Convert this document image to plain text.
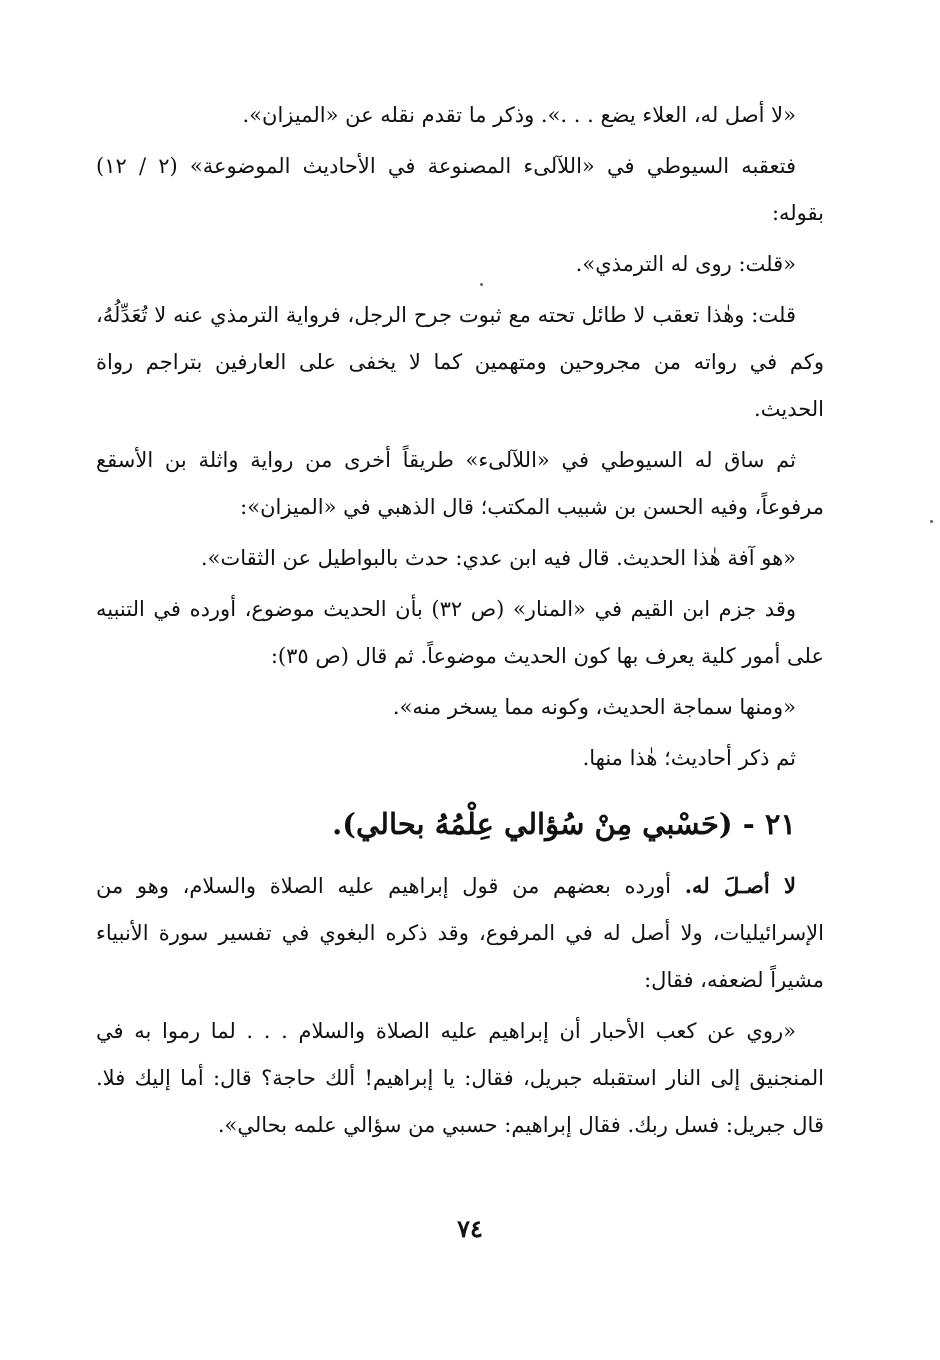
«لا أصل له، العلاء يضع . . .». وذكر ما تقدم نقله عن «الميزان».

فتعقبه السيوطي في «اللآلىء المصنوعة في الأحاديث الموضوعة» (٢ / ١٢) بقوله:

«قلت: روى له الترمذي».

قلت: وهٰذا تعقب لا طائل تحته مع ثبوت جرح الرجل، فرواية الترمذي عنه لا تُعَدِّلُهُ، وكم في رواته من مجروحين ومتهمين كما لا يخفى على العارفين بتراجم رواة الحديث.

ثم ساق له السيوطي في «اللآلىء» طريقاً أخرى من رواية واثلة بن الأسقع مرفوعاً، وفيه الحسن بن شبيب المكتب؛ قال الذهبي في «الميزان»:

«هو آفة هٰذا الحديث. قال فيه ابن عدي: حدث بالبواطيل عن الثقات».

وقد جزم ابن القيم في «المنار» (ص ٣٢) بأن الحديث موضوع، أورده في التنبيه على أمور كلية يعرف بها كون الحديث موضوعاً. ثم قال (ص ٣٥):

«ومنها سماجة الحديث، وكونه مما يسخر منه».

ثم ذكر أحاديث؛ هٰذا منها.

٢١ - (حَسْبي مِنْ سُؤالي عِلْمُهُ بحالي).

لا أصـلَ له. أورده بعضهم من قول إبراهيم عليه الصلاة والسلام، وهو من الإسرائيليات، ولا أصل له في المرفوع، وقد ذكره البغوي في تفسير سورة الأنبياء مشيراً لضعفه، فقال:

«روي عن كعب الأحبار أن إبراهيم عليه الصلاة والسلام . . . لما رموا به في المنجنيق إلى النار استقبله جبريل، فقال: يا إبراهيم! ألك حاجة؟ قال: أما إليك فلا. قال جبريل: فسل ربك. فقال إبراهيم: حسبي من سؤالي علمه بحالي».

٧٤
